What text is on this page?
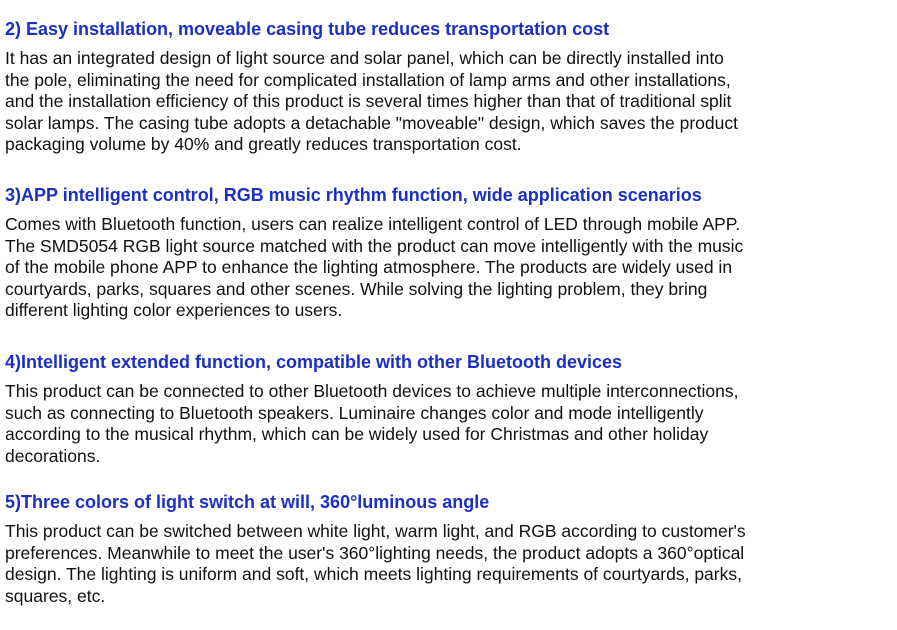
2) Easy installation, moveable casing tube reduces transportation cost

It has an integrated design of light source and solar panel, which can be directly installed into
the pole, eliminating the need for complicated installation of lamp arms and other installations,
and the installation efficiency of this product is several times higher than that of traditional split
solar lamps. The casing tube adopts a detachable "moveable" design, which saves the product
packaging volume by 40% and greatly reduces transportation cost.

3)APP intelligent control, RGB music rhythm function, wide application scenarios

Comes with Bluetooth function, users can realize intelligent control of LED through mobile APP.
The SMD5054 RGB light source matched with the product can move intelligently with the music
of the mobile phone APP to enhance the lighting atmosphere. The products are widely used in
courtyards, parks, squares and other scenes. While solving the lighting problem, they bring
different lighting color experiences to users.

4)Intelligent extended function, compatible with other Bluetooth devices

This product can be connected to other Bluetooth devices to achieve multiple interconnections,
such as connecting to Bluetooth speakers. Luminaire changes color and mode intelligently
according to the musical rhythm, which can be widely used for Christmas and other holiday
decorations.

5)Three colors of light switch at will, 360°luminous angle

This product can be switched between white light, warm light, and RGB according to customer's
preferences. Meanwhile to meet the user's 360°lighting needs, the product adopts a 360°optical
design. The lighting is uniform and soft, which meets lighting requirements of courtyards, parks,
squares, etc.
